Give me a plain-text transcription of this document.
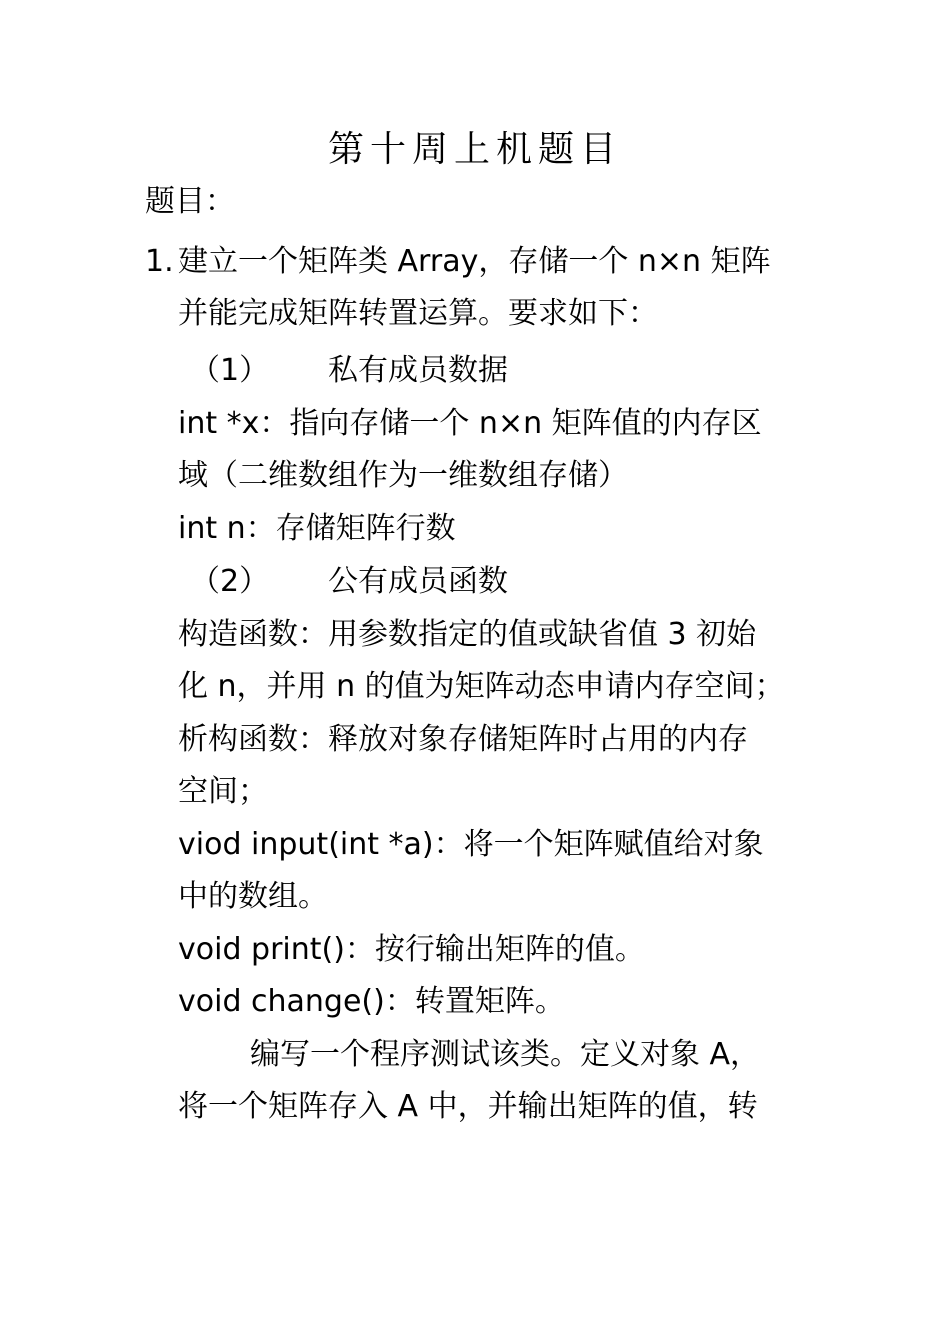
第十周上机题目
题目：
1. 建立一个矩阵类 Array，存储一个 n×n 矩阵
并能完成矩阵转置运算。要求如下：
（1） 私有成员数据
int *x：指向存储一个 n×n 矩阵值的内存区
域（二维数组作为一维数组存储）
int n：存储矩阵行数
（2） 公有成员函数
构造函数：用参数指定的值或缺省值 3 初始
化 n，并用 n 的值为矩阵动态申请内存空间；
析构函数：释放对象存储矩阵时占用的内存
空间；
viod input(int *a)：将一个矩阵赋值给对象
中的数组。
void print()：按行输出矩阵的值。
void change()：转置矩阵。
编写一个程序测试该类。定义对象 A，
将一个矩阵存入 A 中，并输出矩阵的值，转
